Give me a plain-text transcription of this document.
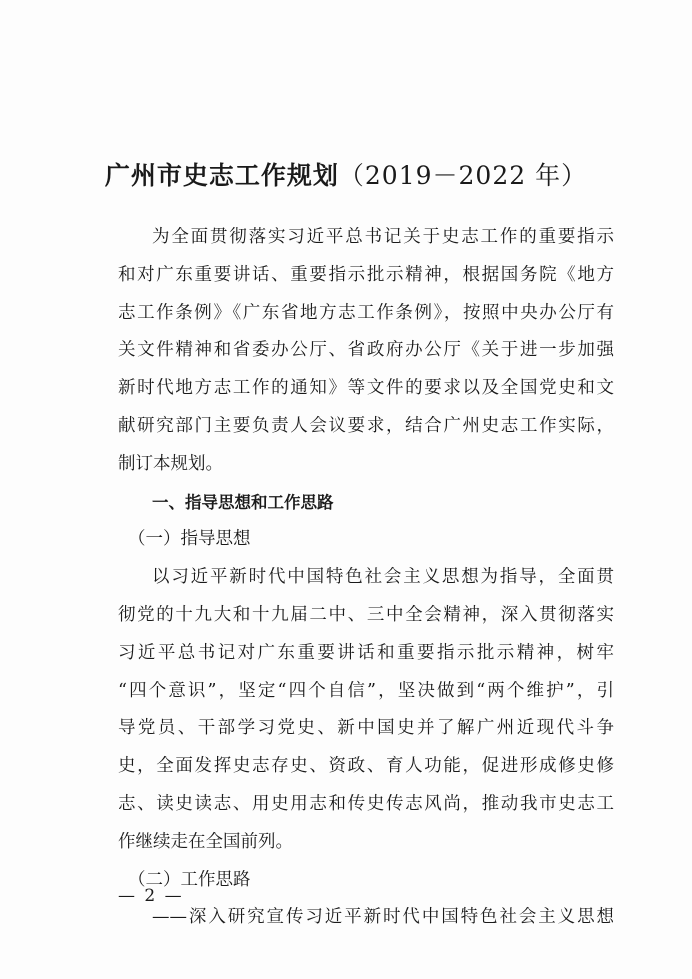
广州市史志工作规划（2019－2022 年）
为全面贯彻落实习近平总书记关于史志工作的重要指示
和对广东重要讲话、重要指示批示精神，根据国务院《地方
志工作条例》《广东省地方志工作条例》，按照中央办公厅有
关文件精神和省委办公厅、省政府办公厅《关于进一步加强
新时代地方志工作的通知》等文件的要求以及全国党史和文
献研究部门主要负责人会议要求，结合广州史志工作实际，
制订本规划。
一、指导思想和工作思路
（一）指导思想
以习近平新时代中国特色社会主义思想为指导，全面贯
彻党的十九大和十九届二中、三中全会精神，深入贯彻落实
习近平总书记对广东重要讲话和重要指示批示精神，树牢
“四个意识”，坚定“四个自信”，坚决做到“两个维护”，引
导党员、干部学习党史、新中国史并了解广州近现代斗争
史，全面发挥史志存史、资政、育人功能，促进形成修史修
志、读史读志、用史用志和传史传志风尚，推动我市史志工
作继续走在全国前列。
（二）工作思路
——深入研究宣传习近平新时代中国特色社会主义思想
— 2 —
